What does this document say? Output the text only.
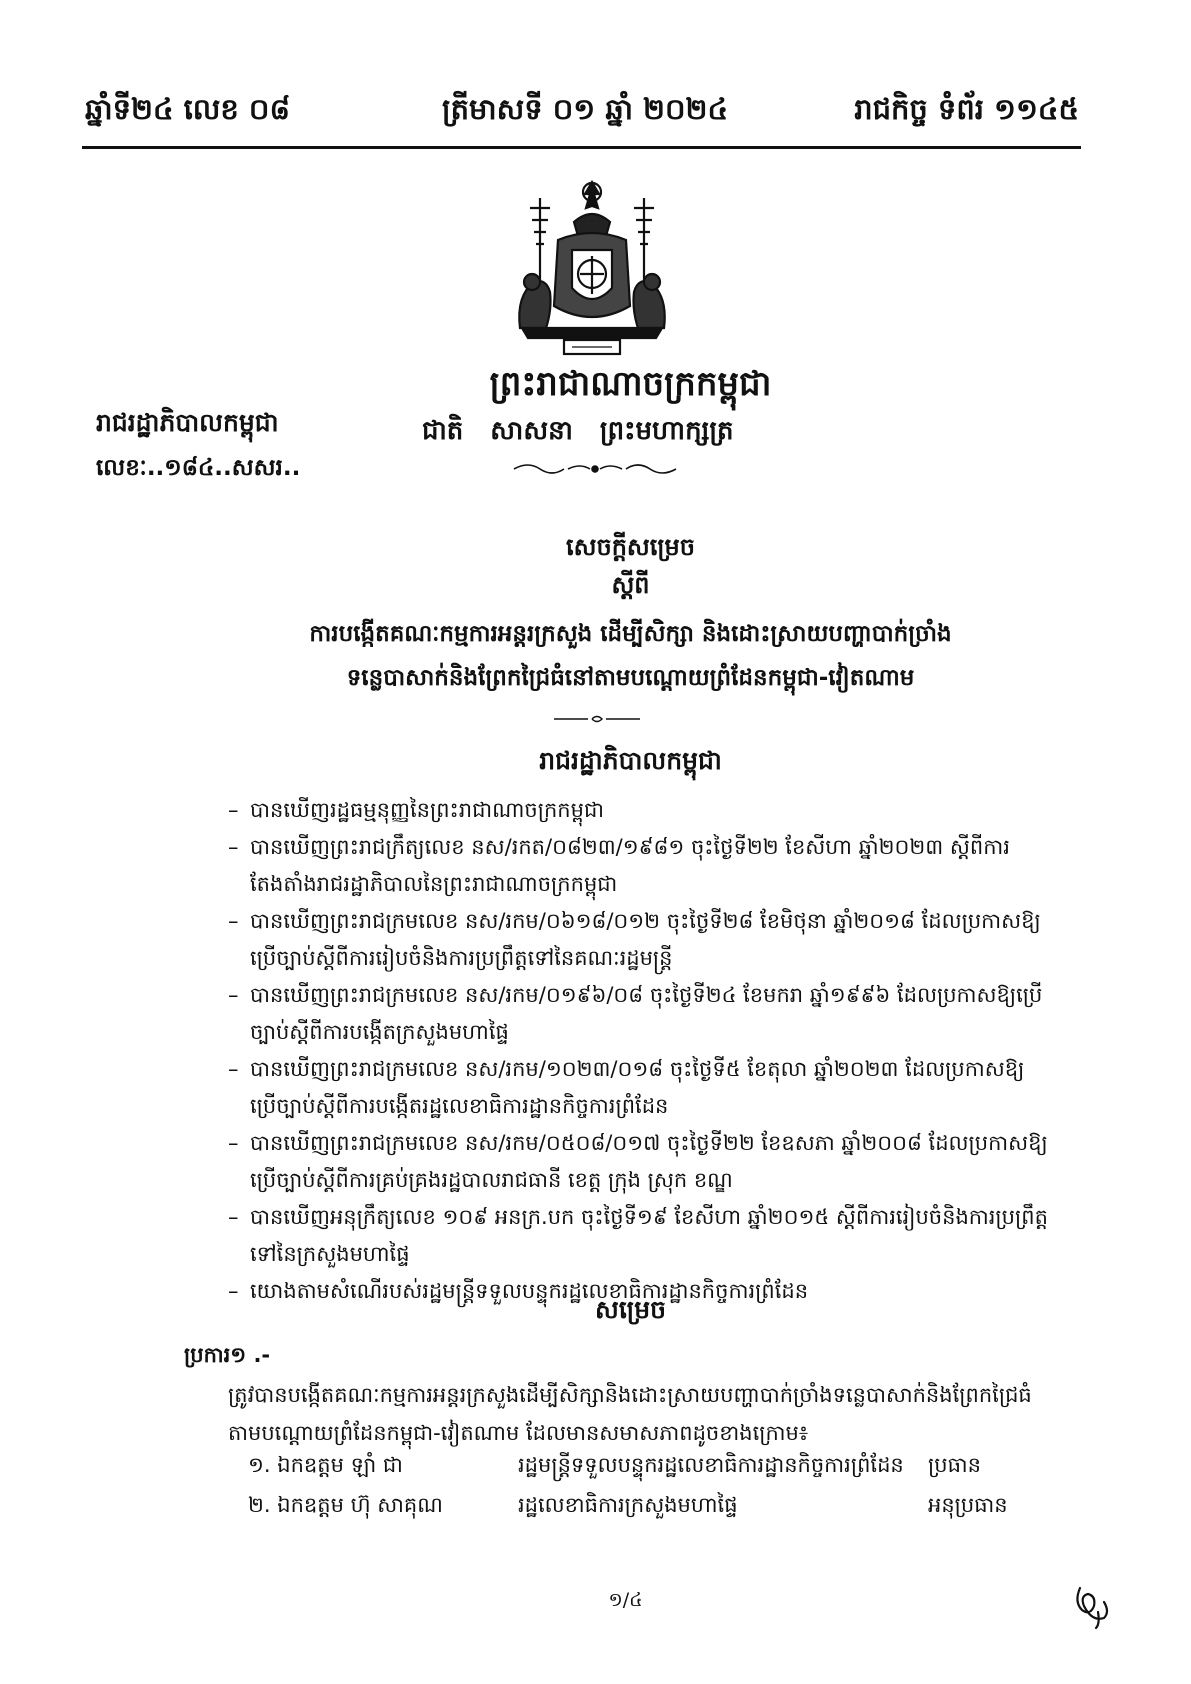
ឆ្នាំទី២៤ លេខ ០៨	ត្រីមាសទី ០១ ឆ្នាំ ២០២៤	រាជកិច្ច ទំព័រ ១១៤៥
ព្រះរាជាណាចក្រកម្ពុជា
ជាតិ សាសនា ព្រះមហាក្សត្រ
រាជរដ្ឋាភិបាលកម្ពុជា
លេខៈ..១៨៤..សសរ..
សេចក្តីសម្រេច
ស្តីពី
ការបង្កើតគណៈកម្មការអន្តរក្រសួង ដើម្បីសិក្សា និងដោះស្រាយបញ្ហាបាក់ច្រាំង
ទន្លេបាសាក់និងព្រែកជ្រៃធំនៅតាមបណ្តោយព្រំដែនកម្ពុជា-វៀតណាម
រាជរដ្ឋាភិបាលកម្ពុជា
– បានឃើញរដ្ឋធម្មនុញ្ញនៃព្រះរាជាណាចក្រកម្ពុជា
– បានឃើញព្រះរាជក្រឹត្យលេខ នស/រកត/០៨២៣/១៩៨១ ចុះថ្ងៃទី២២ ខែសីហា ឆ្នាំ២០២៣ ស្តីពីការតែងតាំងរាជរដ្ឋាភិបាលនៃព្រះរាជាណាចក្រកម្ពុជា
– បានឃើញព្រះរាជក្រមលេខ នស/រកម/០៦១៨/០១២ ចុះថ្ងៃទី២៨ ខែមិថុនា ឆ្នាំ២០១៨ ដែលប្រកាសឱ្យប្រើច្បាប់ស្តីពីការរៀបចំនិងការប្រព្រឹត្តទៅនៃគណៈរដ្ឋមន្ត្រី
– បានឃើញព្រះរាជក្រមលេខ នស/រកម/០១៩៦/០៨ ចុះថ្ងៃទី២៤ ខែមករា ឆ្នាំ១៩៩៦ ដែលប្រកាសឱ្យប្រើច្បាប់ស្តីពីការបង្កើតក្រសួងមហាផ្ទៃ
– បានឃើញព្រះរាជក្រមលេខ នស/រកម/១០២៣/០១៨ ចុះថ្ងៃទី៥ ខែតុលា ឆ្នាំ២០២៣ ដែលប្រកាសឱ្យប្រើច្បាប់ស្តីពីការបង្កើតរដ្ឋលេខាធិការដ្ឋានកិច្ចការព្រំដែន
– បានឃើញព្រះរាជក្រមលេខ នស/រកម/០៥០៨/០១៧ ចុះថ្ងៃទី២២ ខែឧសភា ឆ្នាំ២០០៨ ដែលប្រកាសឱ្យប្រើច្បាប់ស្តីពីការគ្រប់គ្រងរដ្ឋបាលរាជធានី ខេត្ត ក្រុង ស្រុក ខណ្ឌ
– បានឃើញអនុក្រឹត្យលេខ ១០៩ អនក្រ.បក ចុះថ្ងៃទី១៩ ខែសីហា ឆ្នាំ២០១៥ ស្តីពីការរៀបចំនិងការប្រព្រឹត្តទៅនៃក្រសួងមហាផ្ទៃ
– យោងតាមសំណើរបស់រដ្ឋមន្ត្រីទទួលបន្ទុករដ្ឋលេខាធិការដ្ឋានកិច្ចការព្រំដែន
សម្រេច
ប្រការ១ .-

ត្រូវបានបង្កើតគណៈកម្មការអន្តរក្រសួងដើម្បីសិក្សានិងដោះស្រាយបញ្ហាបាក់ច្រាំងទន្លេបាសាក់និងព្រែកជ្រៃធំតាមបណ្តោយព្រំដែនកម្ពុជា-វៀតណាម ដែលមានសមាសភាពដូចខាងក្រោម៖

១. ឯកឧត្តម ឡាំ ជា	រដ្ឋមន្ត្រីទទួលបន្ទុករដ្ឋលេខាធិការដ្ឋានកិច្ចការព្រំដែន ប្រធាន
២. ឯកឧត្តម ហ៊ុ សាគុណ	រដ្ឋលេខាធិការក្រសួងមហាផ្ទៃ	អនុប្រធាន
១/៤
